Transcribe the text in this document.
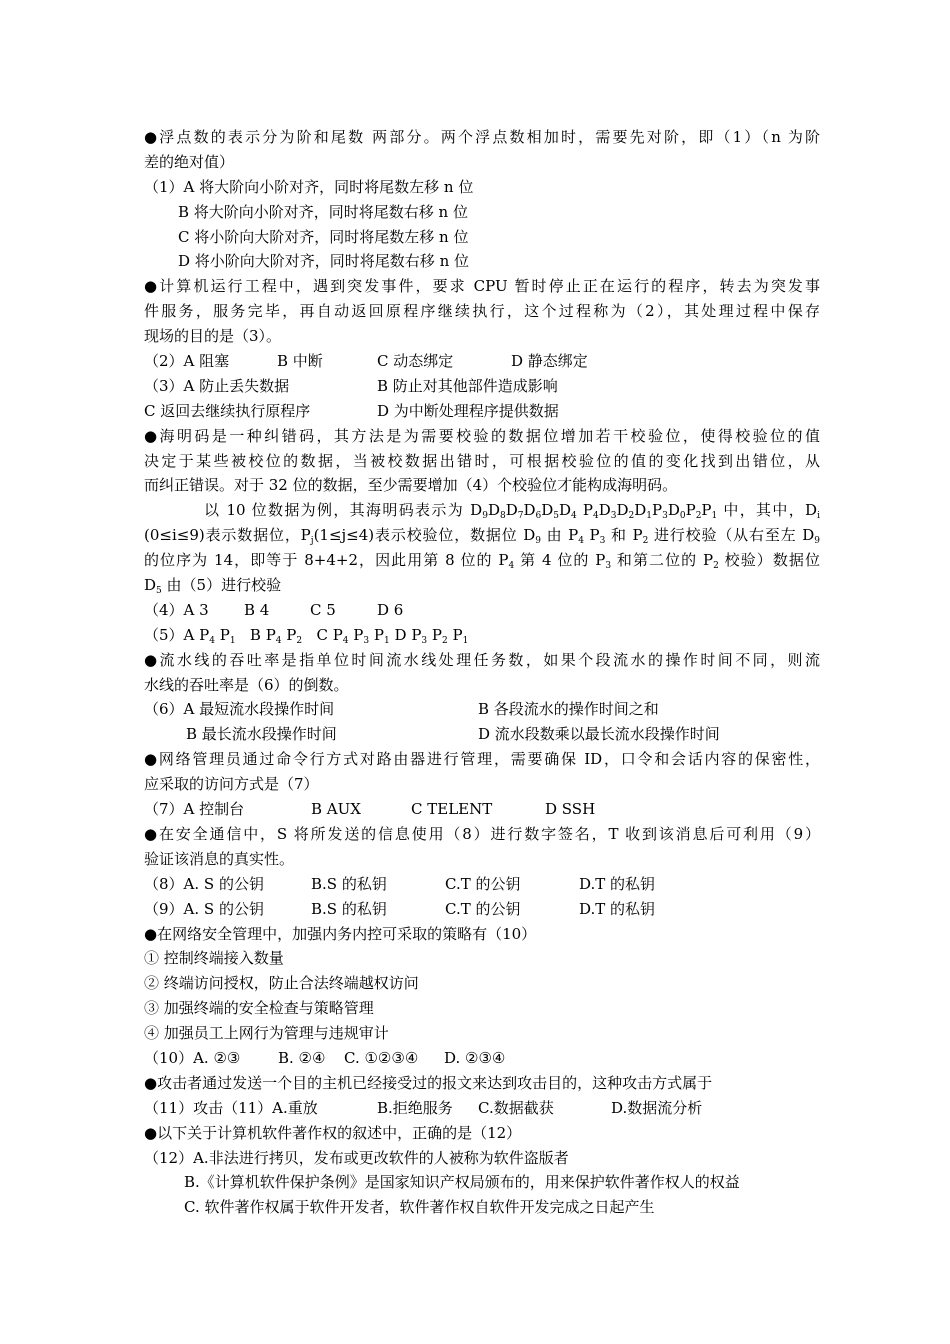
●浮点数的表示分为阶和尾数 两部分。两个浮点数相加时，需要先对阶，即（1）（n 为阶
差的绝对值）
（1）A 将大阶向小阶对齐，同时将尾数左移 n 位
B 将大阶向小阶对齐，同时将尾数右移 n 位
C 将小阶向大阶对齐，同时将尾数左移 n 位
D 将小阶向大阶对齐，同时将尾数右移 n 位
●计算机运行工程中，遇到突发事件，要求 CPU 暂时停止正在运行的程序，转去为突发事
件服务，服务完毕，再自动返回原程序继续执行，这个过程称为（2），其处理过程中保存
现场的目的是（3）。
（2）A 阻塞	B 中断	C 动态绑定	D 静态绑定
（3）A 防止丢失数据	B 防止对其他部件造成影响
C 返回去继续执行原程序	D 为中断处理程序提供数据
●海明码是一种纠错码，其方法是为需要校验的数据位增加若干校验位，使得校验位的值
决定于某些被校位的数据，当被校数据出错时，可根据校验位的值的变化找到出错位，从
而纠正错误。对于 32 位的数据，至少需要增加（4）个校验位才能构成海明码。
以 10 位数据为例，其海明码表示为 $D_9D_8D_7D_6D_5D_4$ $P_4D_3D_2D_1P_3D_0P_2P_1$ 中，其中，$D_i$
(0≤i≤9)表示数据位，$P_j(1\le j\le 4)$表示校验位，数据位 $D_9$ 由 $P_4$ $P_3$ 和 $P_2$ 进行校验（从右至左 $D_9$
的位序为 14，即等于 8+4+2，因此用第 8 位的 $P_4$ 第 4 位的 $P_3$ 和第二位的 $P_2$ 校验）数据位
$D_5$ 由（5）进行校验
（4）A 3 B 4	C 5	D 6
（5）A $P_4$ $P_1$ B $P_4$ $P_2$ C $P_4$ $P_3$ $P_1$ D $P_3$ $P_2$ $P_1$
●流水线的吞吐率是指单位时间流水线处理任务数，如果个段流水的操作时间不同，则流
水线的吞吐率是（6）的倒数。
（6）A 最短流水段操作时间	B 各段流水的操作时间之和
B 最长流水段操作时间	D 流水段数乘以最长流水段操作时间
●网络管理员通过命令行方式对路由器进行管理，需要确保 ID，口令和会话内容的保密性，
应采取的访问方式是（7）
（7）A 控制台	B AUX	C TELENT	D SSH
●在安全通信中，S 将所发送的信息使用（8）进行数字签名，T 收到该消息后可利用（9）
验证该消息的真实性。
（8）A. S 的公钥	B.S 的私钥	C.T 的公钥	D.T 的私钥
（9）A. S 的公钥	B.S 的私钥	C.T 的公钥	D.T 的私钥
●在网络安全管理中，加强内务内控可采取的策略有（10）
① 控制终端接入数量
② 终端访问授权，防止合法终端越权访问
③ 加强终端的安全检查与策略管理
④ 加强员工上网行为管理与违规审计
（10）A. ②③	B. ②④ C. ①②③④ D. ②③④
●攻击者通过发送一个目的主机已经接受过的报文来达到攻击目的，这种攻击方式属于
（11）攻击（11）A.重放	B.拒绝服务 C.数据截获	D.数据流分析
●以下关于计算机软件著作权的叙述中，正确的是（12）
（12）A.非法进行拷贝，发布或更改软件的人被称为软件盗版者
B.《计算机软件保护条例》是国家知识产权局颁布的，用来保护软件著作权人的权益
C. 软件著作权属于软件开发者，软件著作权自软件开发完成之日起产生
